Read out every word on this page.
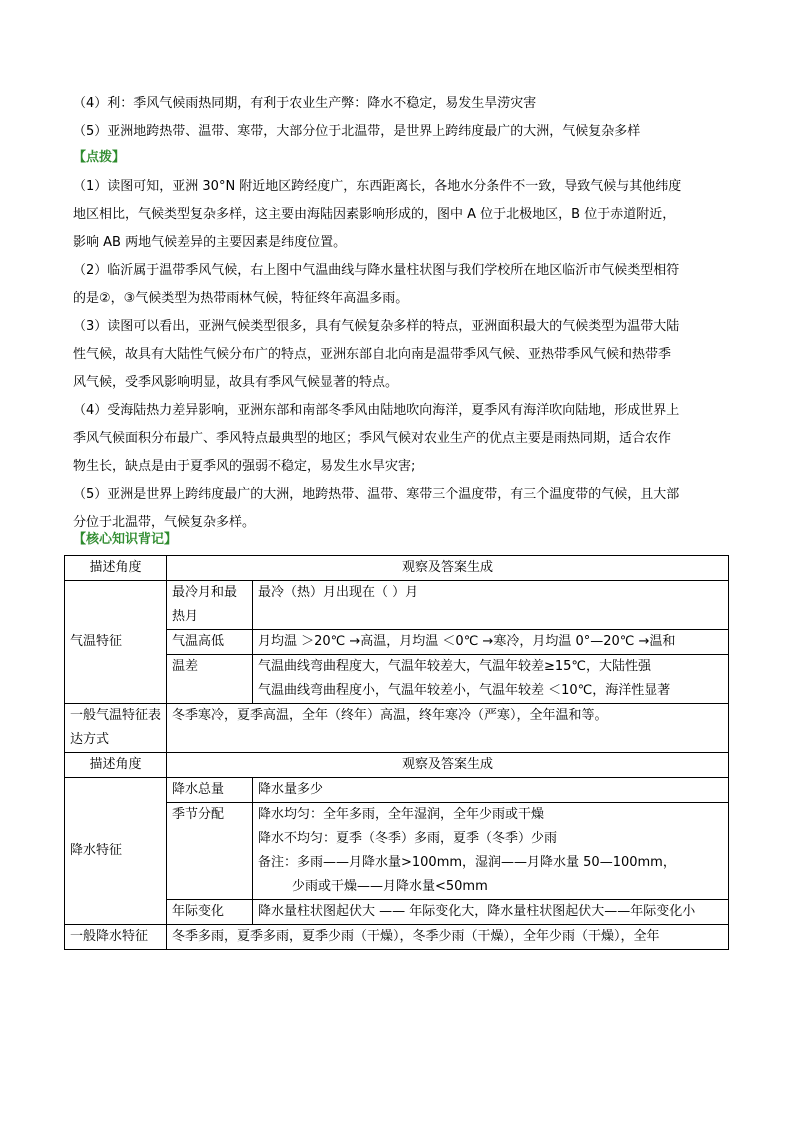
（4）利：季风气候雨热同期，有利于农业生产弊：降水不稳定，易发生旱涝灾害
（5）亚洲地跨热带、温带、寒带，大部分位于北温带，是世界上跨纬度最广的大洲，气候复杂多样
【点拨】
（1）读图可知，亚洲 30°N 附近地区跨经度广，东西距离长，各地水分条件不一致，导致气候与其他纬度
地区相比，气候类型复杂多样，这主要由海陆因素影响形成的，图中 A 位于北极地区，B 位于赤道附近，
影响 AB 两地气候差异的主要因素是纬度位置。
（2）临沂属于温带季风气候，右上图中气温曲线与降水量柱状图与我们学校所在地区临沂市气候类型相符
的是②，③气候类型为热带雨林气候，特征终年高温多雨。
（3）读图可以看出，亚洲气候类型很多，具有气候复杂多样的特点，亚洲面积最大的气候类型为温带大陆
性气候，故具有大陆性气候分布广的特点，亚洲东部自北向南是温带季风气候、亚热带季风气候和热带季
风气候，受季风影响明显，故具有季风气候显著的特点。
（4）受海陆热力差异影响，亚洲东部和南部冬季风由陆地吹向海洋，夏季风有海洋吹向陆地，形成世界上
季风气候面积分布最广、季风特点最典型的地区；季风气候对农业生产的优点主要是雨热同期，适合农作
物生长，缺点是由于夏季风的强弱不稳定，易发生水旱灾害;
（5）亚洲是世界上跨纬度最广的大洲，地跨热带、温带、寒带三个温度带，有三个温度带的气候，且大部
分位于北温带，气候复杂多样。
【核心知识背记】
描述角度	观察及答案生成	
气温特征	最冷月和最热月	最冷（热）月出现在（ ）月
	气温高低	月均温 ＞20℃ →高温，月均温 ＜0℃ →寒冷，月均温 0°—20℃ →温和
	温差	气温曲线弯曲程度大，气温年较差大，气温年较差≥15℃，大陆性强
气温曲线弯曲程度小，气温年较差小，气温年较差 ＜10℃，海洋性显著

一般气温特征表达方式	冬季寒冷，夏季高温，全年（终年）高温，终年寒冷（严寒），全年温和等。	
描述角度	观察及答案生成	
降水特征	降水总量	降水量多少
	季节分配	降水均匀：全年多雨，全年湿润，全年少雨或干燥
降水不均匀：夏季（冬季）多雨，夏季（冬季）少雨
备注：多雨——月降水量>100mm，湿润——月降水量 50—100mm，
少雨或干燥——月降水量<50mm

	年际变化	降水量柱状图起伏大 —— 年际变化大，降水量柱状图起伏大——年际变化小
一般降水特征	冬季多雨，夏季多雨，夏季少雨（干燥），冬季少雨（干燥），全年少雨（干燥），全年	
